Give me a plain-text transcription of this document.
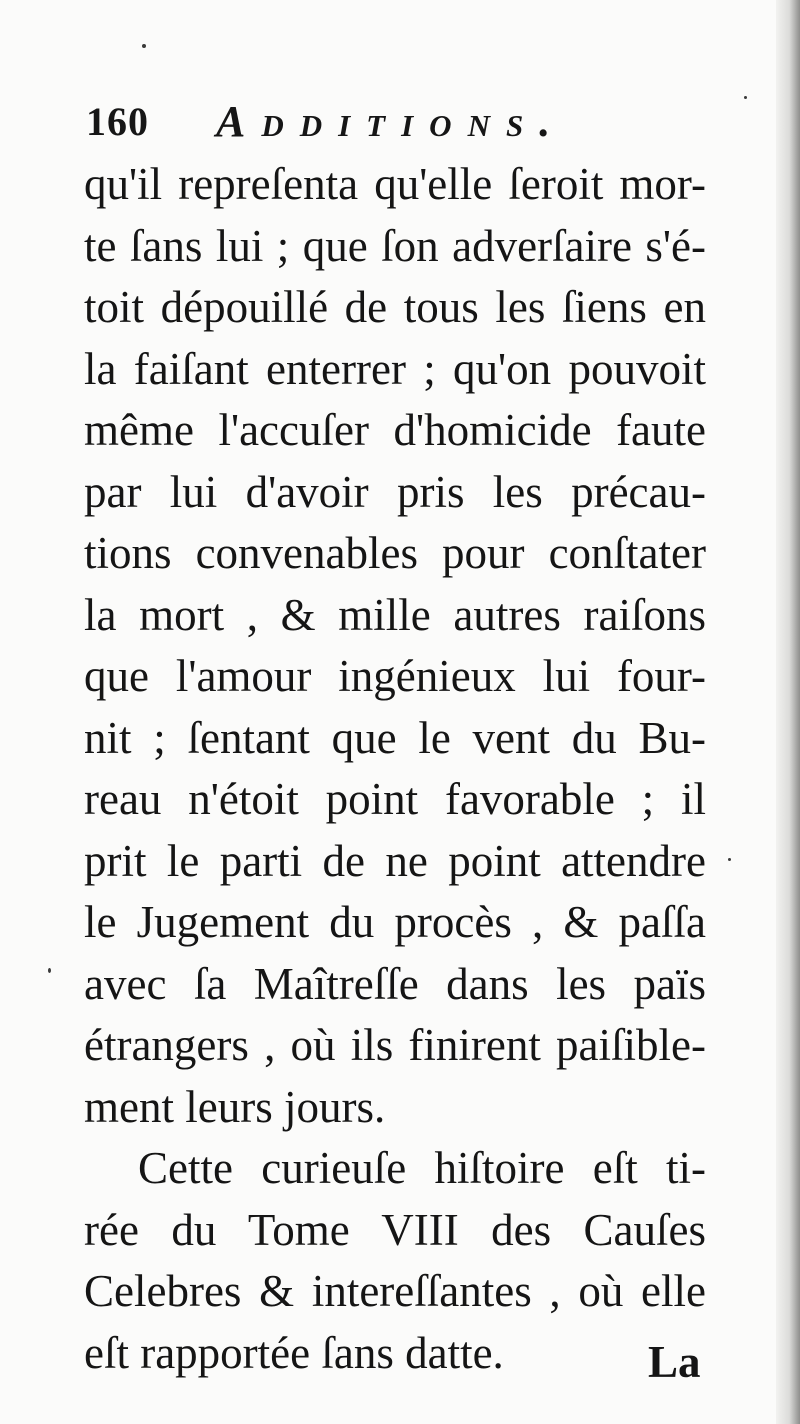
160 Additions.
qu'il repreſenta qu'elle ſeroit mor-
te ſans lui ; que ſon adverſaire s'é-
toit dépouillé de tous les ſiens en
la faiſant enterrer ; qu'on pouvoit
même l'accuſer d'homicide faute
par lui d'avoir pris les précau-
tions convenables pour conſtater
la mort , & mille autres raiſons
que l'amour ingénieux lui four-
nit ; ſentant que le vent du Bu-
reau n'étoit point favorable ; il
prit le parti de ne point attendre
le Jugement du procès , & paſſa
avec ſa Maîtreſſe dans les païs
étrangers , où ils finirent paiſible-
ment leurs jours.
Cette curieuſe hiſtoire eſt ti-
rée du Tome VIII des Cauſes
Celebres & intereſſantes , où elle
eſt rapportée ſans datte.	La
